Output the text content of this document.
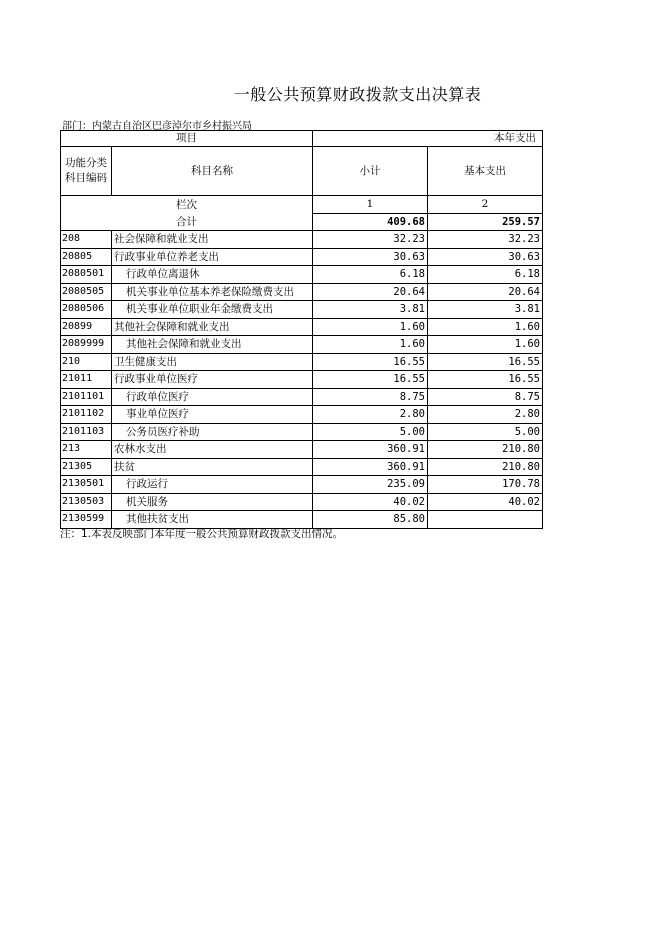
一般公共预算财政拨款支出决算表
部门：内蒙古自治区巴彦淖尔市乡村振兴局
项目		本年支出	
功能分类科目编码	科目名称	小计	基本支出
栏次		1	2
合计		409.68	259.57
208	社会保障和就业支出	32.23	32.23
20805	行政事业单位养老支出	30.63	30.63
2080501	行政单位离退休	6.18	6.18
2080505	机关事业单位基本养老保险缴费支出	20.64	20.64
2080506	机关事业单位职业年金缴费支出	3.81	3.81
20899	其他社会保障和就业支出	1.60	1.60
2089999	其他社会保障和就业支出	1.60	1.60
210	卫生健康支出	16.55	16.55
21011	行政事业单位医疗	16.55	16.55
2101101	行政单位医疗	8.75	8.75
2101102	事业单位医疗	2.80	2.80
2101103	公务员医疗补助	5.00	5.00
213	农林水支出	360.91	210.80
21305	扶贫	360.91	210.80
2130501	行政运行	235.09	170.78
2130503	机关服务	40.02	40.02
2130599	其他扶贫支出	85.80	
注：1.本表反映部门本年度一般公共预算财政拨款支出情况。
